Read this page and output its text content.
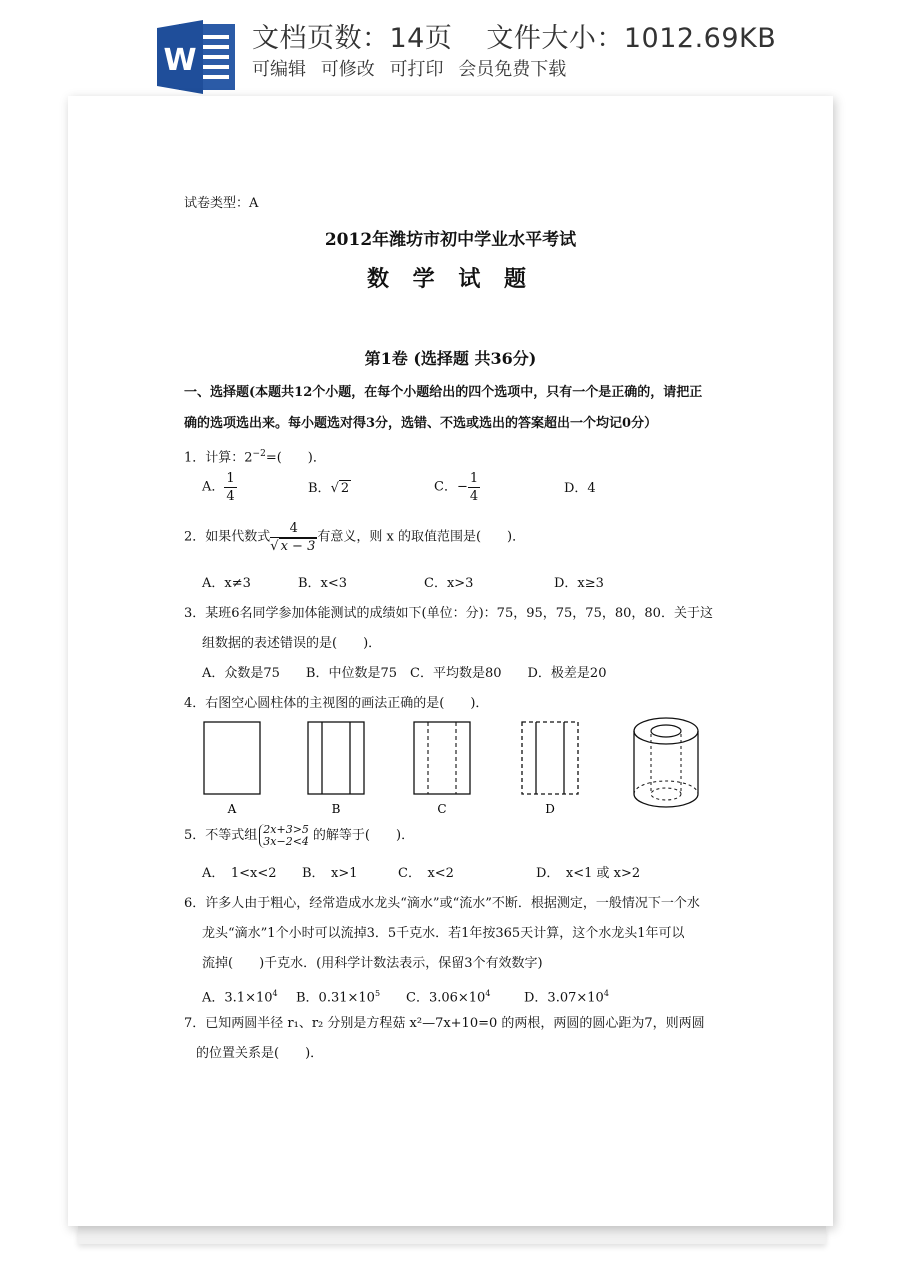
W
文档页数：14页 文件大小：1012.69KB
可编辑 可修改 可打印 会员免费下载
试卷类型：A
2012年潍坊市初中学业水平考试
数 学 试 题
第1卷 (选择题 共36分)
一、选择题(本题共12个小题，在每个小题给出的四个选项中，只有一个是正确的，请把正
确的选项选出来。每小题选对得3分，选错、不选或选出的答案超出一个均记0分）
1．计算：$2^{-2}=$(　　)．
A． $\frac{1}{4}$	B．√ 2	C．− $\frac{1}{4}$	D．4
2．如果代数式 $\frac{4}{√ x - 3}$ 有意义，则 x 的取值范围是(　　)．
A．x≠3	B．x<3	C．x>3	D．x≥3
3．某班6名同学参加体能测试的成绩如下(单位：分)：75，95，75，75，80，80．关于这
组数据的表述错误的是(　　)．
A．众数是75　　B．中位数是75　C．平均数是80　　D．极差是20
4．右图空心圆柱体的主视图的画法正确的是(　　)．
A	B	C	D
5．不等式组 2x+3>5
3x−2<4 的解等于(　　)．
A．　1<x<2 B．　x>1	C．　x<2	D．　x<1 或 x>2
6．许多人由于粗心，经常造成水龙头“滴水”或“流水”不断．根据测定，一般情况下一个水
龙头“滴水”1个小时可以流掉3．5千克水．若1年按365天计算，这个水龙头1年可以
流掉(　　)千克水．(用科学计数法表示，保留3个有效数字)
A．$3.1\times 10^4$ B．$0.31\times 10^5$ C．$3.06\times 10^4$	D．$3.07\times 10^4$
7．已知两圆半径 r₁、r₂ 分别是方程菇 x²—7x+10=0 的两根，两圆的圆心距为7，则两圆
的位置关系是(　　)．
